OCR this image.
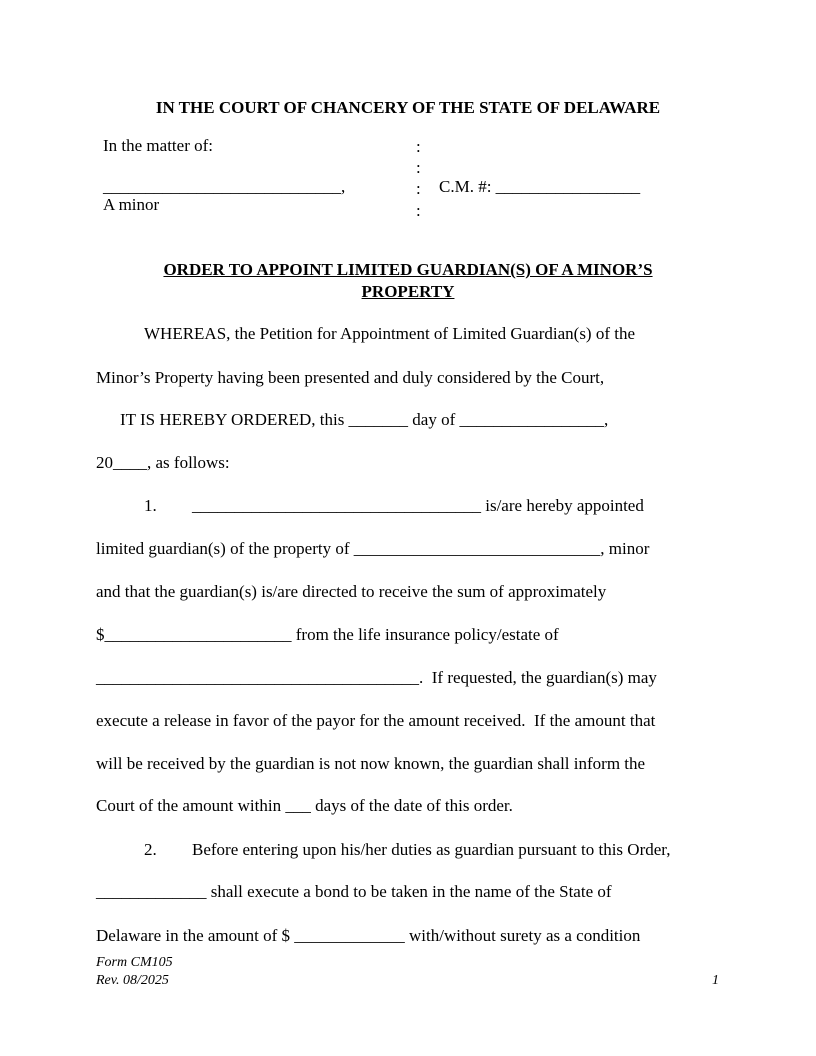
IN THE COURT OF CHANCERY OF THE STATE OF DELAWARE
In the matter of:
____________________________,
A minor
:
:
:
:
C.M. #: _________________
ORDER TO APPOINT LIMITED GUARDIAN(S) OF A MINOR’S
PROPERTY
WHEREAS, the Petition for Appointment of Limited Guardian(s) of the
Minor’s Property having been presented and duly considered by the Court,
IT IS HEREBY ORDERED, this _______ day of _________________,
20____, as follows:
1. __________________________________ is/are hereby appointed
limited guardian(s) of the property of _____________________________, minor
and that the guardian(s) is/are directed to receive the sum of approximately
$______________________ from the life insurance policy/estate of
______________________________________.  If requested, the guardian(s) may
execute a release in favor of the payor for the amount received.  If the amount that
will be received by the guardian is not now known, the guardian shall inform the
Court of the amount within ___ days of the date of this order.
2. Before entering upon his/her duties as guardian pursuant to this Order,
_____________ shall execute a bond to be taken in the name of the State of
Delaware in the amount of $ _____________ with/without surety as a condition
Form CM105
Rev. 08/2025	1
